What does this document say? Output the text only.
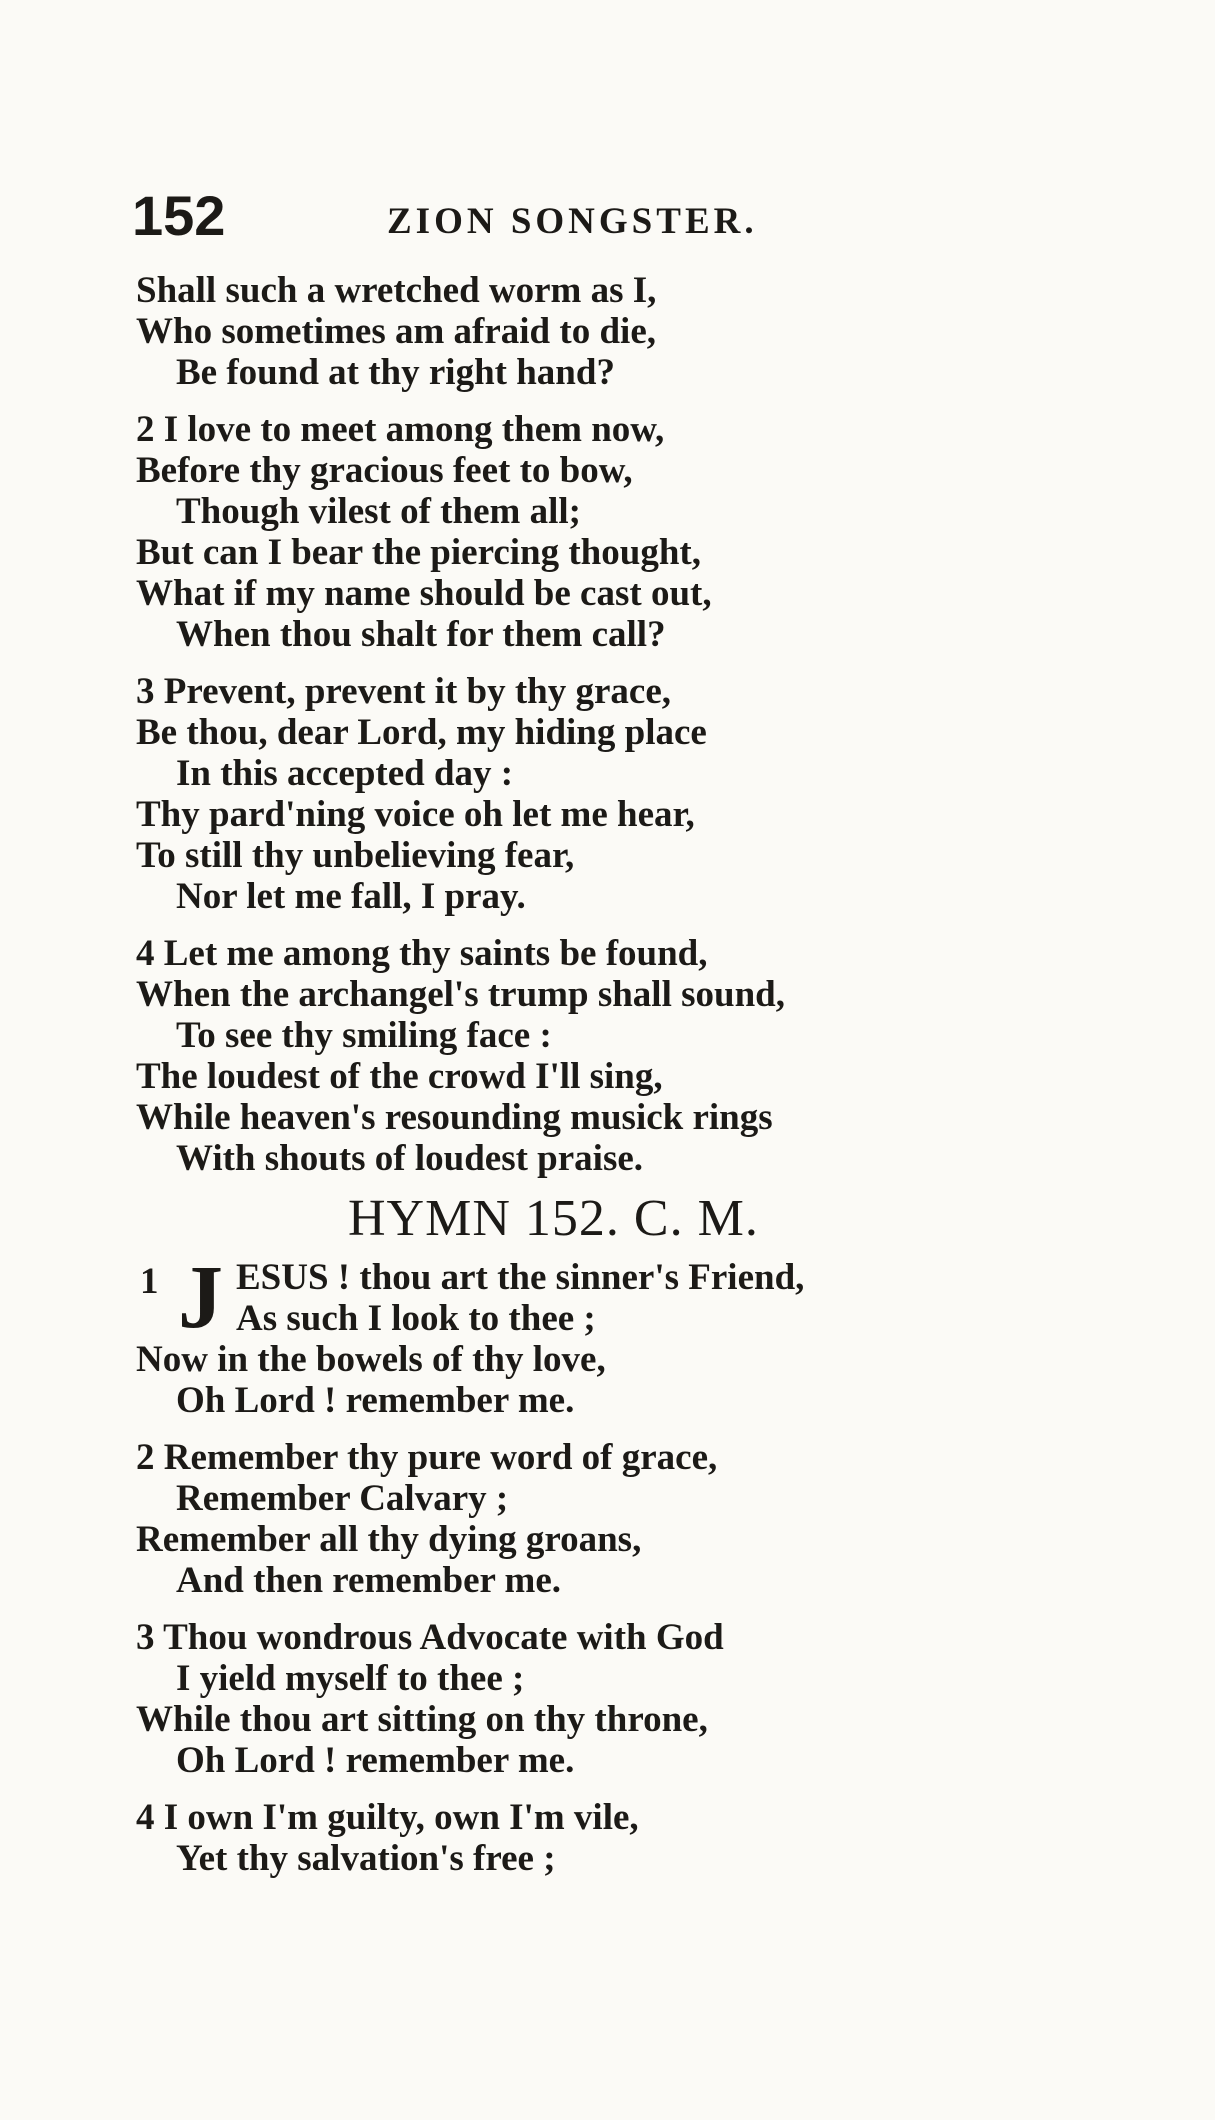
152	ZION SONGSTER.
Shall such a wretched worm as I,
Who sometimes am afraid to die,
Be found at thy right hand?
2 I love to meet among them now,
Before thy gracious feet to bow,
Though vilest of them all;
But can I bear the piercing thought,
What if my name should be cast out,
When thou shalt for them call?
3 Prevent, prevent it by thy grace,
Be thou, dear Lord, my hiding place
In this accepted day :
Thy pard'ning voice oh let me hear,
To still thy unbelieving fear,
Nor let me fall, I pray.
4 Let me among thy saints be found,
When the archangel's trump shall sound,
To see thy smiling face :
The loudest of the crowd I'll sing,
While heaven's resounding musick rings
With shouts of loudest praise.
HYMN 152. C. M.
1 J ESUS ! thou art the sinner's Friend,
As such I look to thee ;
Now in the bowels of thy love,
Oh Lord ! remember me.
2 Remember thy pure word of grace,
Remember Calvary ;
Remember all thy dying groans,
And then remember me.
3 Thou wondrous Advocate with God
I yield myself to thee ;
While thou art sitting on thy throne,
Oh Lord ! remember me.
4 I own I'm guilty, own I'm vile,
Yet thy salvation's free ;
